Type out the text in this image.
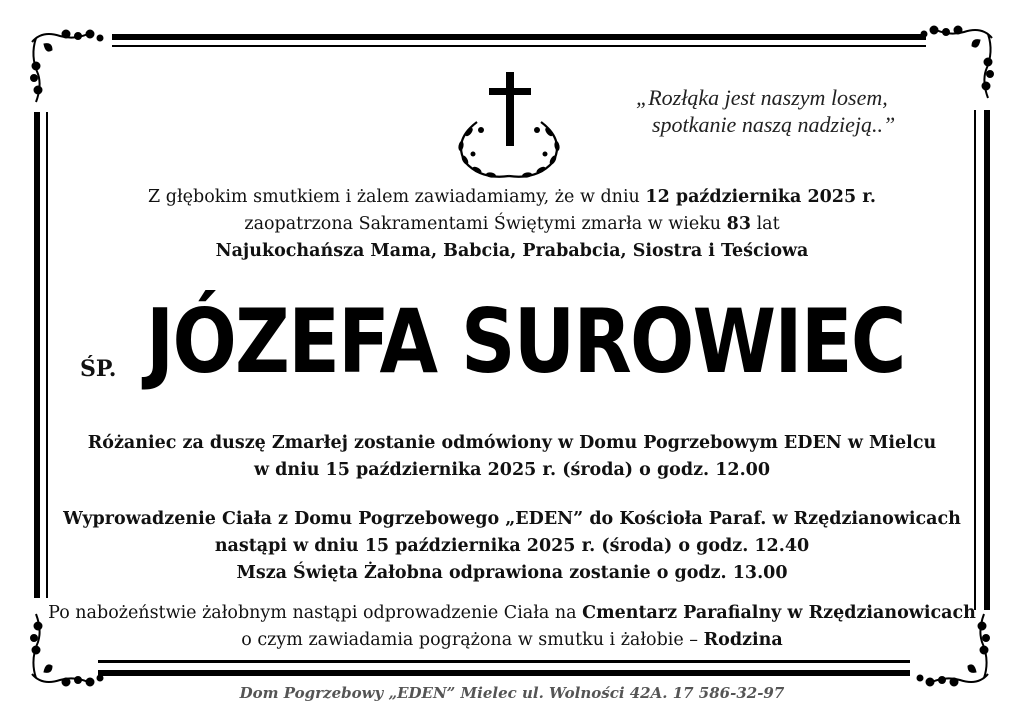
„Rozłąka jest naszym losem,
spotkanie naszą nadzieją..”
Z głębokim smutkiem i żalem zawiadamiamy, że w dniu 12 października 2025 r.
zaopatrzona Sakramentami Świętymi zmarła w wieku 83 lat
Najukochańsza Mama, Babcia, Prababcia, Siostra i Teściowa
ŚP. JÓZEFA SUROWIEC
Różaniec za duszę Zmarłej zostanie odmówiony w Domu Pogrzebowym EDEN w Mielcu
w dniu 15 października 2025 r. (środa) o godz. 12.00
Wyprowadzenie Ciała z Domu Pogrzebowego „EDEN” do Kościoła Paraf. w Rzędzianowicach
nastąpi w dniu 15 października 2025 r. (środa) o godz. 12.40
Msza Święta Żałobna odprawiona zostanie o godz. 13.00
Po nabożeństwie żałobnym nastąpi odprowadzenie Ciała na Cmentarz Parafialny w Rzędzianowicach
o czym zawiadamia pogrążona w smutku i żałobie – Rodzina
Dom Pogrzebowy „EDEN” Mielec ul. Wolności 42A. 17 586-32-97
